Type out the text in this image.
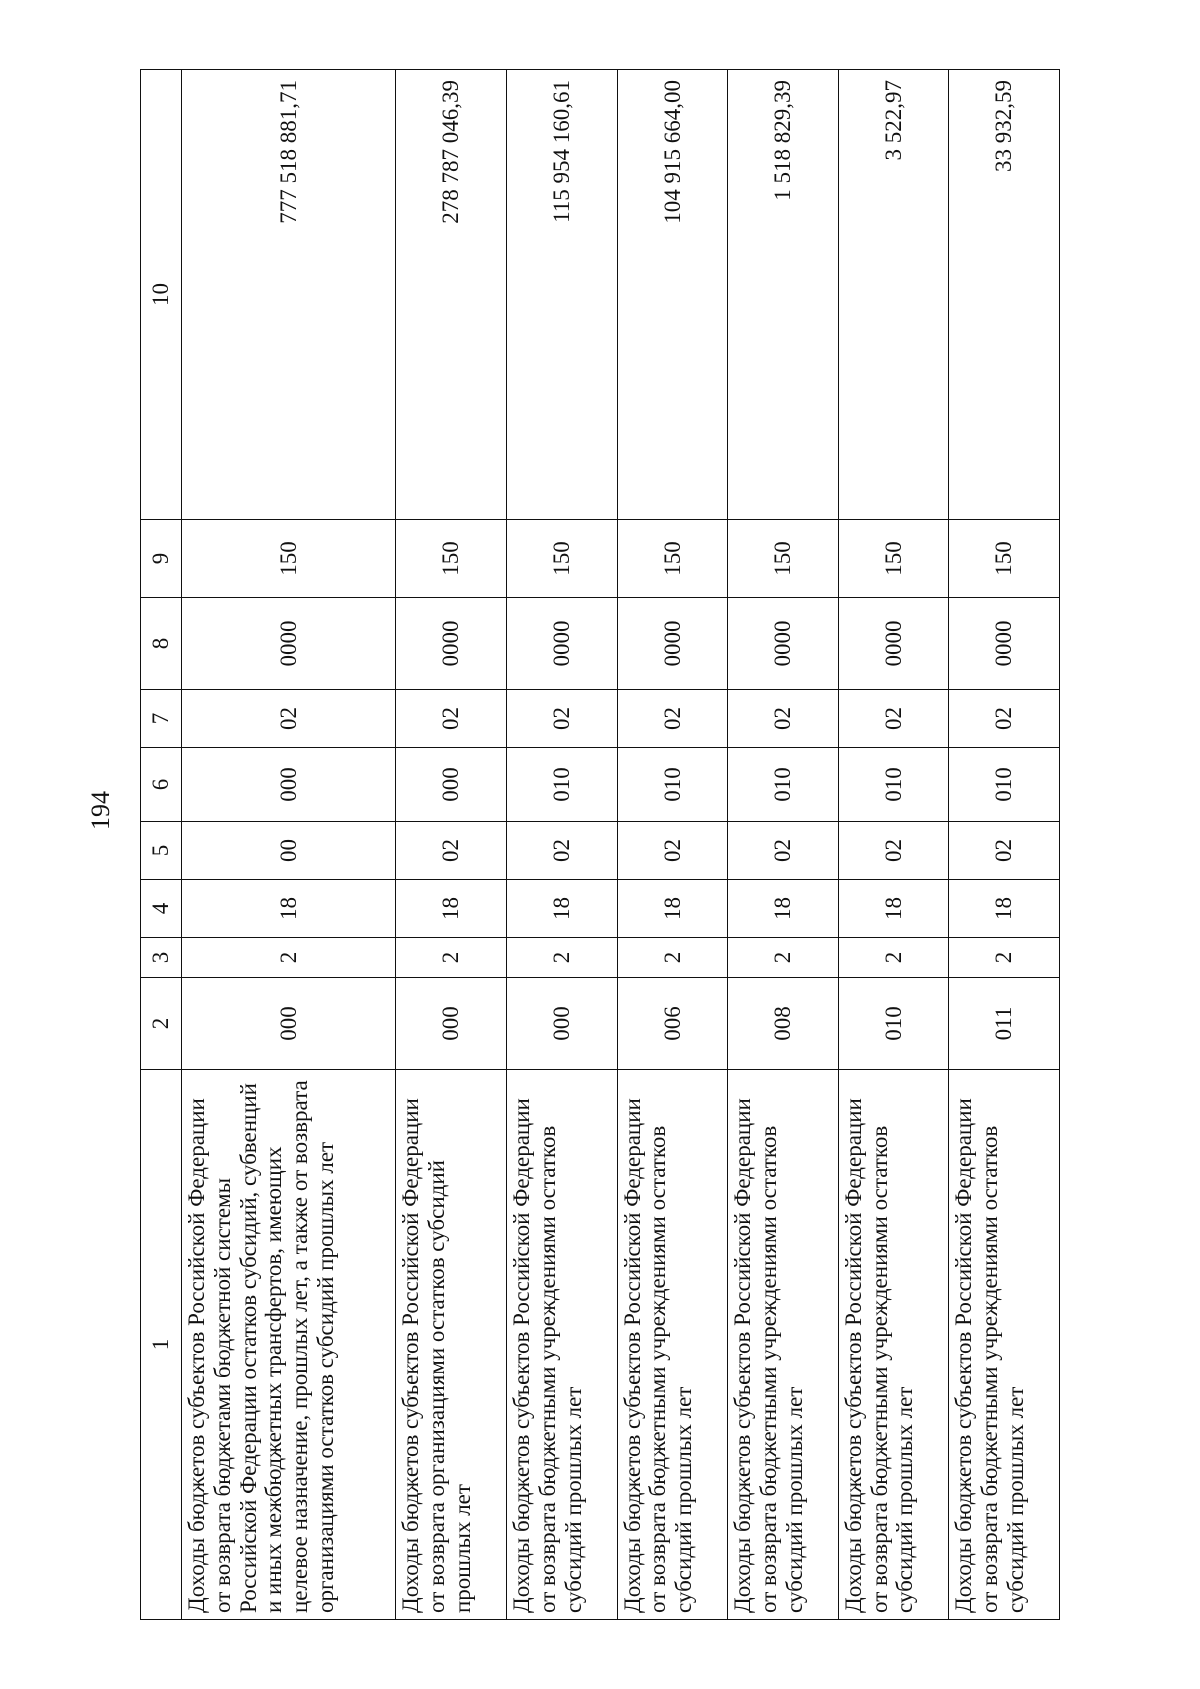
194
1	2	3	4	5	6	7	8	9	10
Доходы бюджетов субъектов Российской Федерации от возврата бюджетами бюджетной системы Российской Федерации остатков субсидий, субвенций и иных межбюджетных трансфертов, имеющих целевое назначение, прошлых лет, а также от возврата организациями остатков субсидий прошлых лет	000	2	18	00	000	02	0000	150	777 518 881,71
Доходы бюджетов субъектов Российской Федерации от возврата организациями остатков субсидий прошлых лет	000	2	18	02	000	02	0000	150	278 787 046,39
Доходы бюджетов субъектов Российской Федерации от возврата бюджетными учреждениями остатков субсидий прошлых лет	000	2	18	02	010	02	0000	150	115 954 160,61
Доходы бюджетов субъектов Российской Федерации от возврата бюджетными учреждениями остатков субсидий прошлых лет	006	2	18	02	010	02	0000	150	104 915 664,00
Доходы бюджетов субъектов Российской Федерации от возврата бюджетными учреждениями остатков субсидий прошлых лет	008	2	18	02	010	02	0000	150	1 518 829,39
Доходы бюджетов субъектов Российской Федерации от возврата бюджетными учреждениями остатков субсидий прошлых лет	010	2	18	02	010	02	0000	150	3 522,97
Доходы бюджетов субъектов Российской Федерации от возврата бюджетными учреждениями остатков субсидий прошлых лет	011	2	18	02	010	02	0000	150	33 932,59
